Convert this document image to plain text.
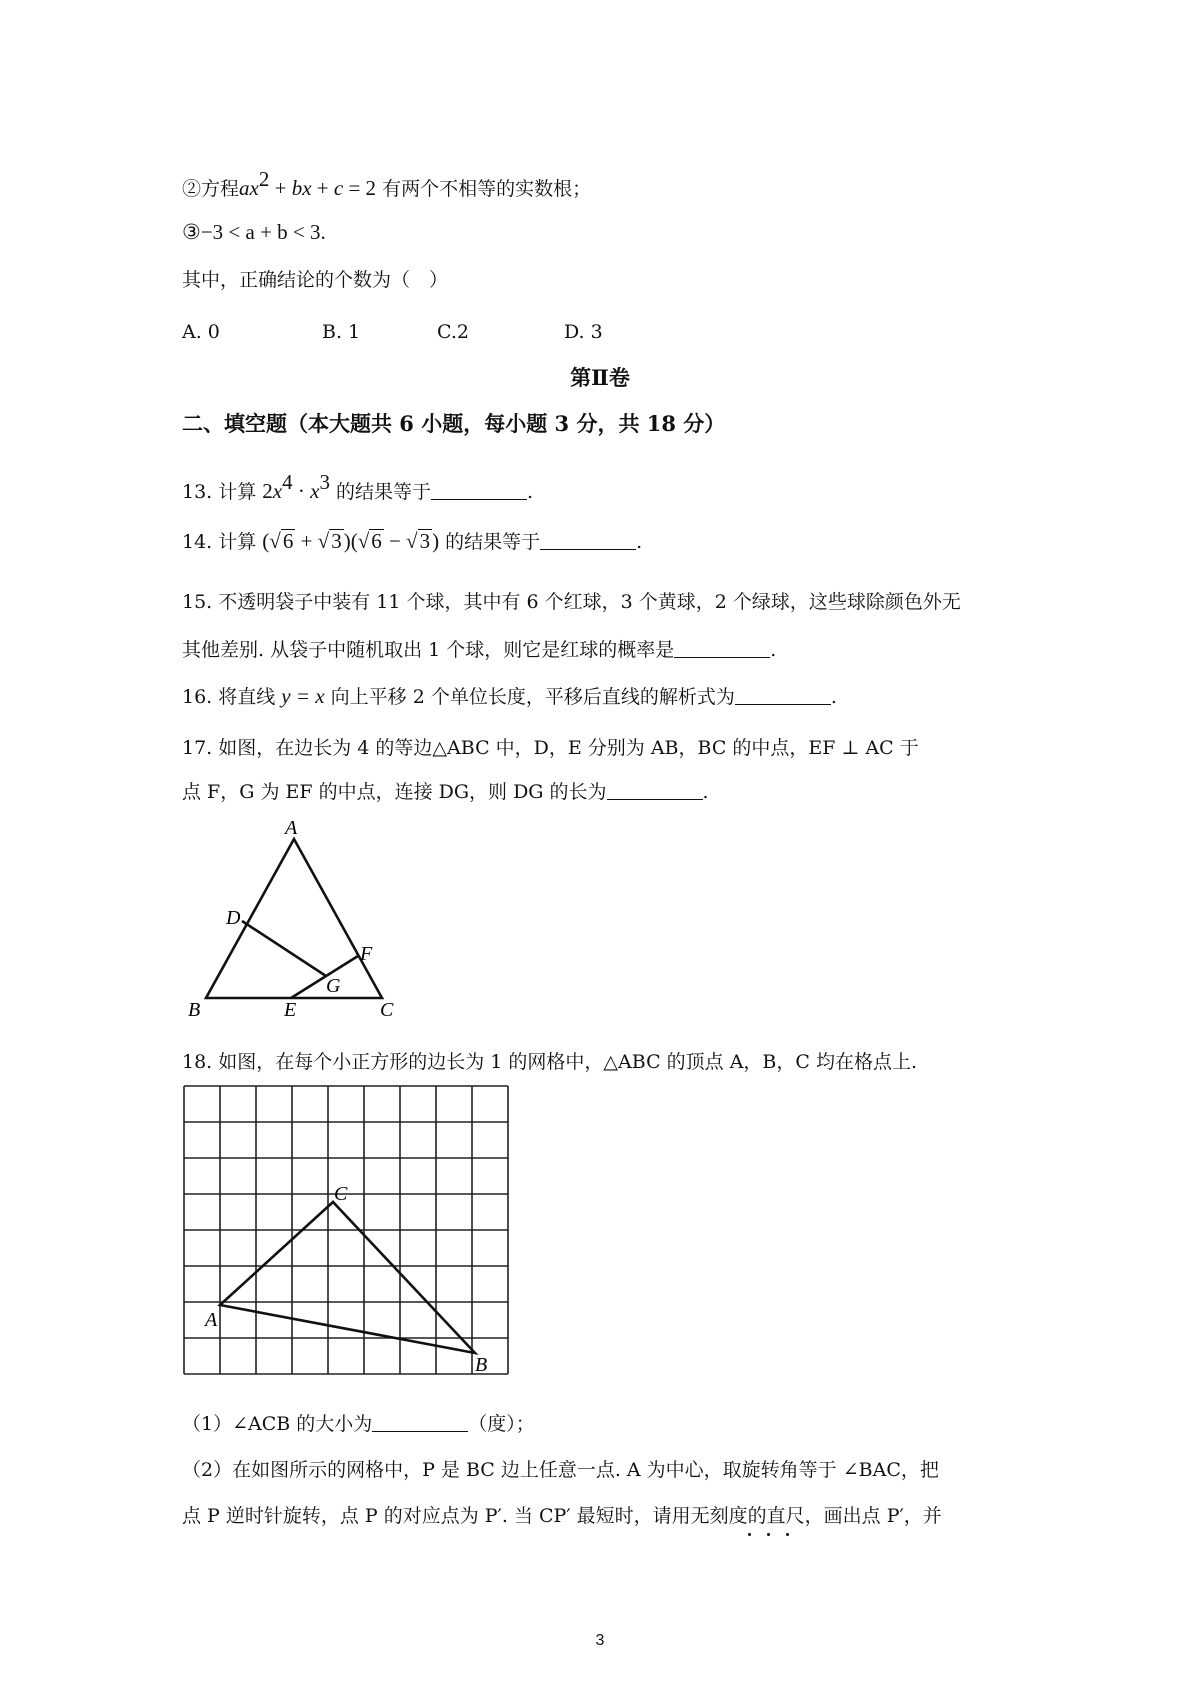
②方程$ax^2$ + bx + c = 2 有两个不相等的实数根；
③−3 < a + b < 3.
其中，正确结论的个数为（　）
A. 0	B. 1	C.2	D. 3
第Ⅱ卷
二、填空题（本大题共 6 小题，每小题 3 分，共 18 分）
13. 计算 $2x^4 \cdot x^3$ 的结果等于	.
14. 计算 (√6 + √3)(√6 − √3) 的结果等于	.
15. 不透明袋子中装有 11 个球，其中有 6 个红球，3 个黄球，2 个绿球，这些球除颜色外无
其他差别. 从袋子中随机取出 1 个球，则它是红球的概率是	.
16. 将直线 y = x 向上平移 2 个单位长度，平移后直线的解析式为	.
17. 如图，在边长为 4 的等边△ABC 中，D，E 分别为 AB，BC 的中点，EF ⊥ AC 于
点 F，G 为 EF 的中点，连接 DG，则 DG 的长为	.
A
B	C
D
E
F
G
18. 如图，在每个小正方形的边长为 1 的网格中，△ABC 的顶点 A，B，C 均在格点上.
A
B
C
（1）∠ACB 的大小为	（度）；
（2）在如图所示的网格中，P 是 BC 边上任意一点. A 为中心，取旋转角等于 ∠BAC，把
点 P 逆时针旋转，点 P 的对应点为 P′. 当 CP′ 最短时，请用无刻度的直尺，画出点 P′，并
3
